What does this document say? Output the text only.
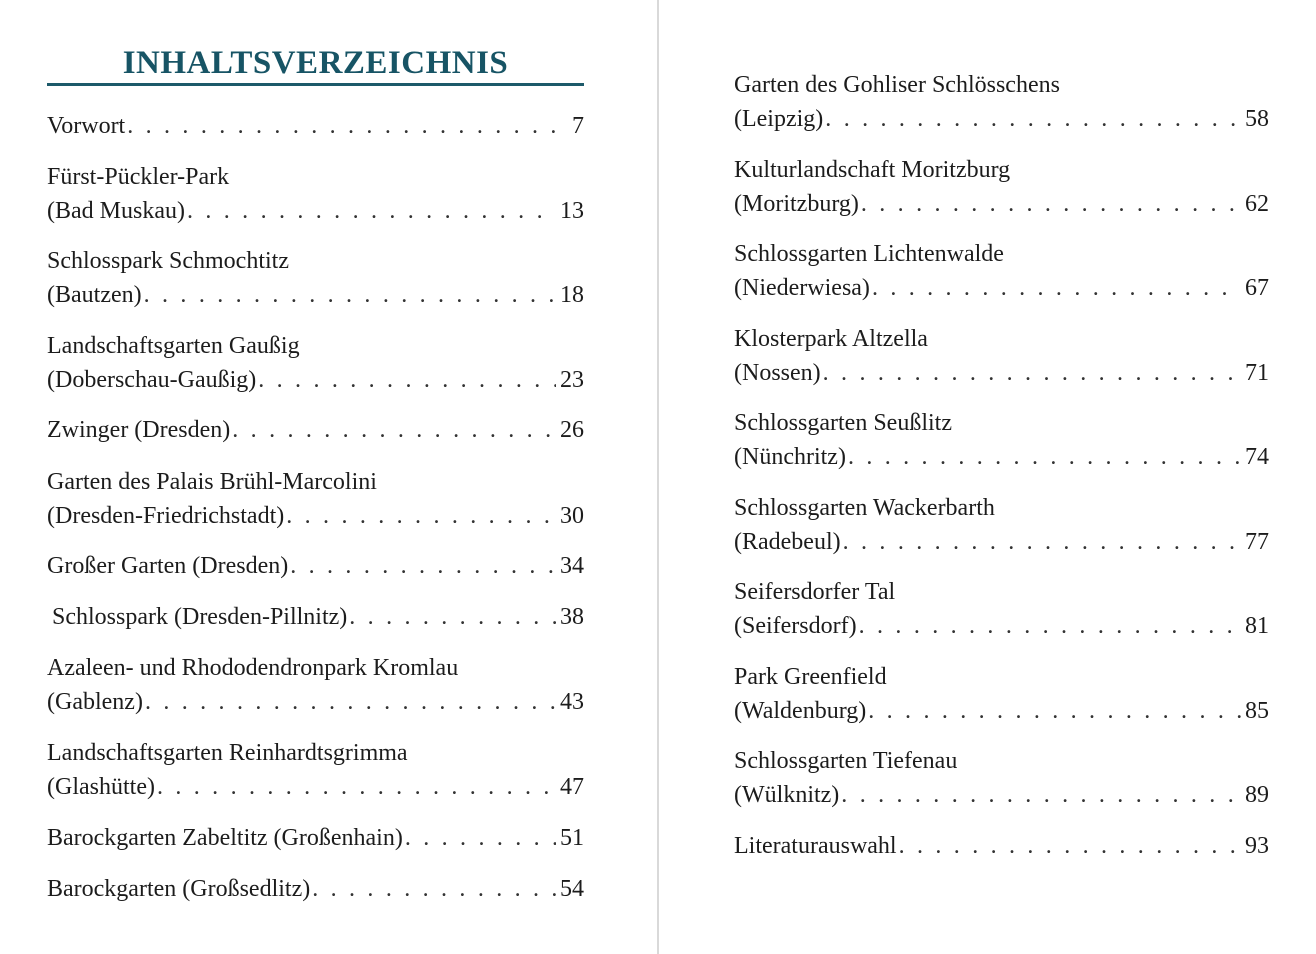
INHALTSVERZEICHNIS
Vorwort . . .	7
Fürst-Pückler-Park
(Bad Muskau) . . .	13
Schlosspark Schmochtitz
(Bautzen) . . .	18
Landschaftsgarten Gaußig
(Doberschau-Gaußig) . . .	23
Zwinger (Dresden) . . .	26
Garten des Palais Brühl-Marcolini
(Dresden-Friedrichstadt) . . .	30
Großer Garten (Dresden) . . .	34
Schlosspark (Dresden-Pillnitz) . . .	38
Azaleen- und Rhododendronpark Kromlau
(Gablenz) . . .	43
Landschaftsgarten Reinhardtsgrimma
(Glashütte) . . .	47
Barockgarten Zabeltitz (Großenhain) . . .	51
Barockgarten (Großsedlitz) . . .	54
Garten des Gohliser Schlösschens
(Leipzig) . . .	58
Kulturlandschaft Moritzburg
(Moritzburg) . . .	62
Schlossgarten Lichtenwalde
(Niederwiesa) . . .	67
Klosterpark Altzella
(Nossen) . . .	71
Schlossgarten Seußlitz
(Nünchritz) . . .	74
Schlossgarten Wackerbarth
(Radebeul) . . .	77
Seifersdorfer Tal
(Seifersdorf) . . .	81
Park Greenfield
(Waldenburg) . . .	85
Schlossgarten Tiefenau
(Wülknitz) . . .	89
Literaturauswahl . . .	93
